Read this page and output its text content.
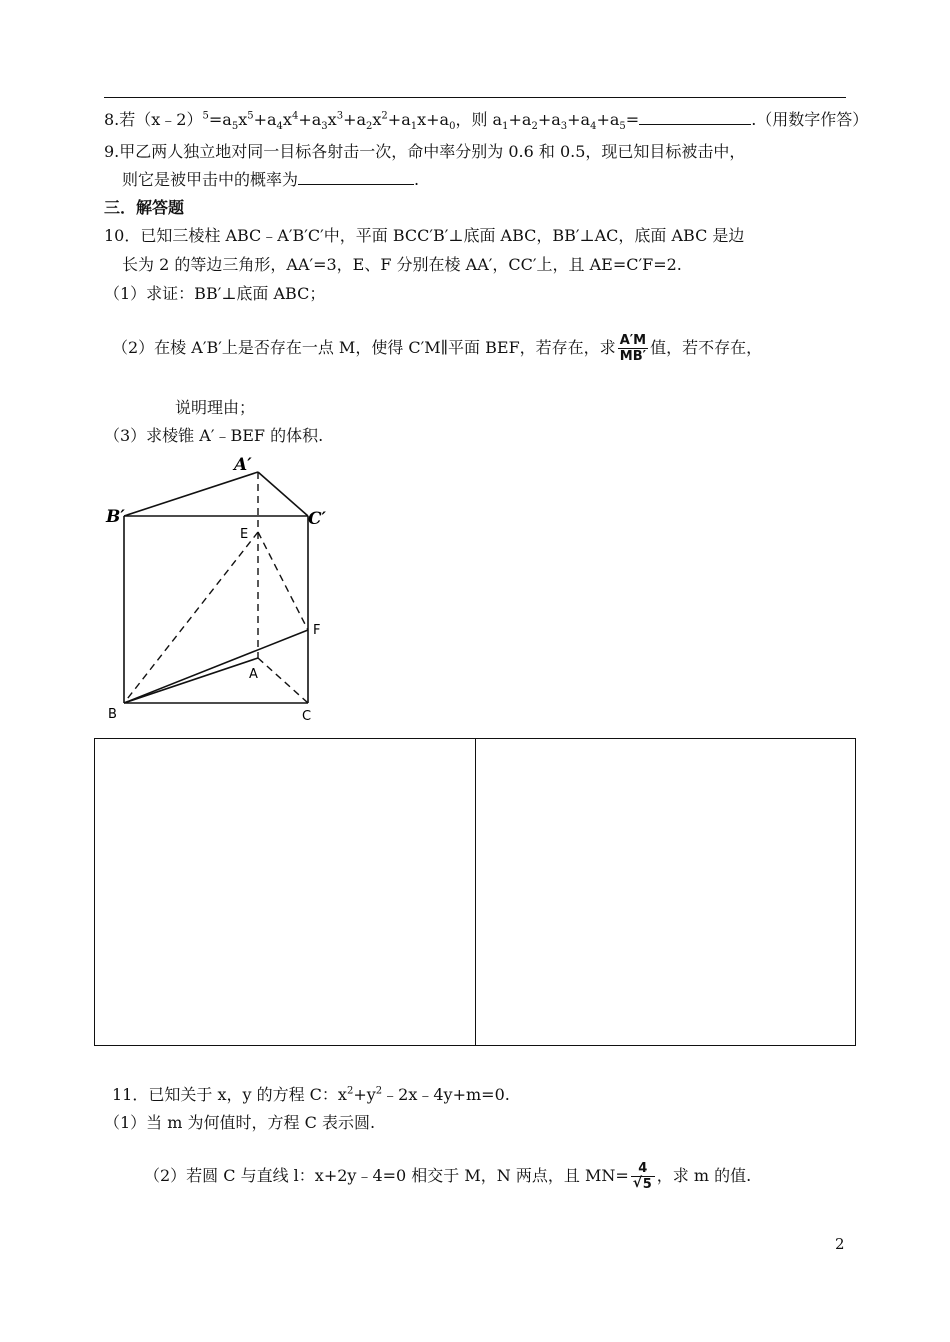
8.若$(x﹣2)^5=a_5x^5+a_4x^4+a_3x^3+a_2x^2+a_1x+a_0$，则 $a_1+a_2+a_3+a_4+a_5=$	.（用数字作答）
9.甲乙两人独立地对同一目标各射击一次，命中率分别为 0.6 和 0.5，现已知目标被击中，
则它是被甲击中的概率为	.
三．解答题
10．已知三棱柱 ABC﹣A′B′C′中，平面 BCC′B′⊥底面 ABC，BB′⊥AC，底面 ABC 是边
长为 2 的等边三角形，AA′=3，E、F 分别在棱 AA′，CC′上，且 AE=C′F=2.
（1）求证：BB′⊥底面 ABC；
（2）在棱 A′B′上是否存在一点 M，使得 C′M∥平面 BEF，若存在，求 $\frac{A'M}{MB'}$ 值，若不存在，
说明理由；
（3）求棱锥 A′﹣BEF 的体积.
A′
B′	C′
E
F
A
B	C
11．已知关于 x，y 的方程 C：$x^2+y^2﹣2x﹣4y+m=0$.
（1）当 m 为何值时，方程 C 表示圆.
（2）若圆 C 与直线 l：x+2y﹣4=0 相交于 M，N 两点，且 $MN= \frac{4}{√ 5}$ ，求 m 的值.
2
